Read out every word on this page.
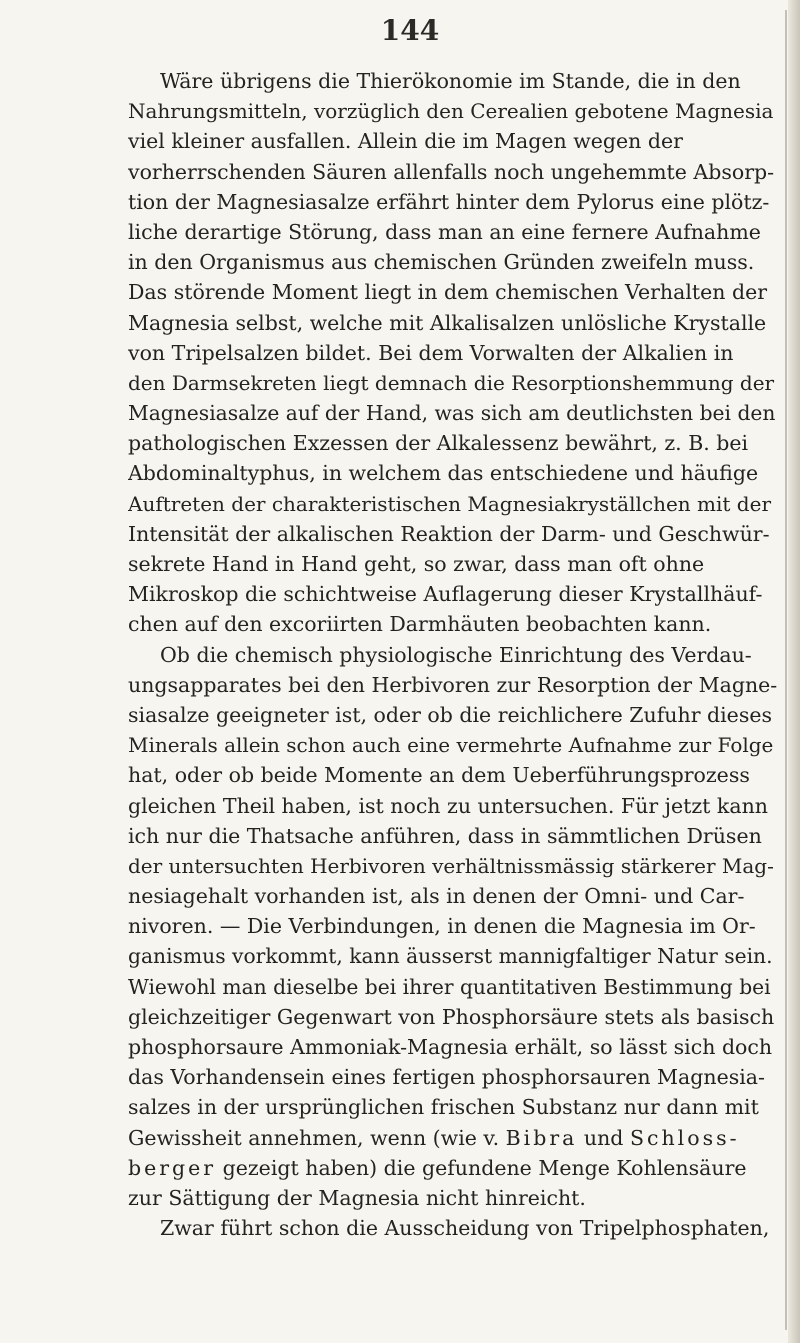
144
Wäre übrigens die Thierökonomie im Stande, die in den
Nahrungsmitteln, vorzüglich den Cerealien gebotene Magnesia
viel kleiner ausfallen. Allein die im Magen wegen der
vorherrschenden Säuren allenfalls noch ungehemmte Absorp-
tion der Magnesiasalze erfährt hinter dem Pylorus eine plötz-
liche derartige Störung, dass man an eine fernere Aufnahme
in den Organismus aus chemischen Gründen zweifeln muss.
Das störende Moment liegt in dem chemischen Verhalten der
Magnesia selbst, welche mit Alkalisalzen unlösliche Krystalle
von Tripelsalzen bildet. Bei dem Vorwalten der Alkalien in
den Darmsekreten liegt demnach die Resorptionshemmung der
Magnesiasalze auf der Hand, was sich am deutlichsten bei den
pathologischen Exzessen der Alkalessenz bewährt, z. B. bei
Abdominaltyphus, in welchem das entschiedene und häufige
Auftreten der charakteristischen Magnesiakryställchen mit der
Intensität der alkalischen Reaktion der Darm- und Geschwür-
sekrete Hand in Hand geht, so zwar, dass man oft ohne
Mikroskop die schichtweise Auflagerung dieser Krystallhäuf-
chen auf den excoriirten Darmhäuten beobachten kann.
Ob die chemisch physiologische Einrichtung des Verdau-
ungsapparates bei den Herbivoren zur Resorption der Magne-
siasalze geeigneter ist, oder ob die reichlichere Zufuhr dieses
Minerals allein schon auch eine vermehrte Aufnahme zur Folge
hat, oder ob beide Momente an dem Ueberführungsprozess
gleichen Theil haben, ist noch zu untersuchen. Für jetzt kann
ich nur die Thatsache anführen, dass in sämmtlichen Drüsen
der untersuchten Herbivoren verhältnissmässig stärkerer Mag-
nesiagehalt vorhanden ist, als in denen der Omni- und Car-
nivoren. — Die Verbindungen, in denen die Magnesia im Or-
ganismus vorkommt, kann äusserst mannigfaltiger Natur sein.
Wiewohl man dieselbe bei ihrer quantitativen Bestimmung bei
gleichzeitiger Gegenwart von Phosphorsäure stets als basisch
phosphorsaure Ammoniak-Magnesia erhält, so lässt sich doch
das Vorhandensein eines fertigen phosphorsauren Magnesia-
salzes in der ursprünglichen frischen Substanz nur dann mit
Gewissheit annehmen, wenn (wie v. Bibra und Schloss-
berger gezeigt haben) die gefundene Menge Kohlensäure
zur Sättigung der Magnesia nicht hinreicht.
Zwar führt schon die Ausscheidung von Tripelphosphaten,
